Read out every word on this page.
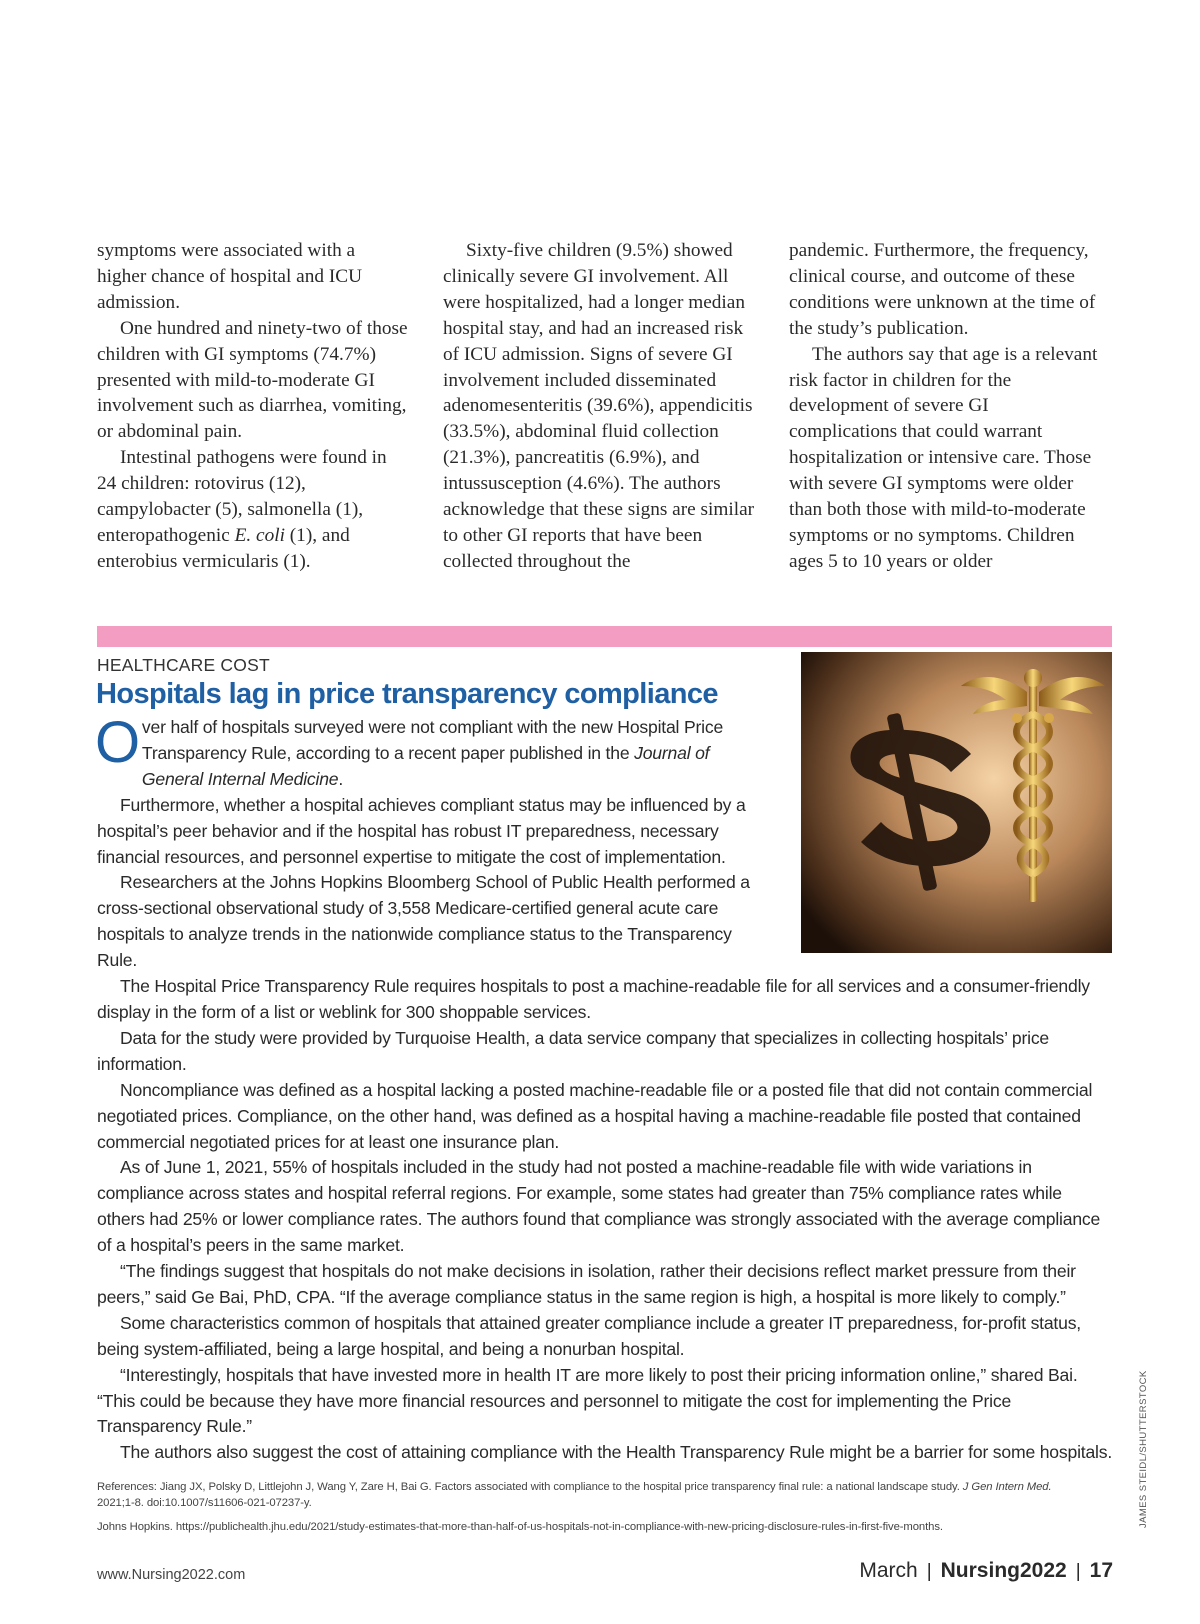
symptoms were associated with a higher chance of hospital and ICU admission.

One hundred and ninety-two of those children with GI symptoms (74.7%) presented with mild-to-moderate GI involvement such as diarrhea, vomiting, or abdominal pain.

Intestinal pathogens were found in 24 children: rotovirus (12), campylobacter (5), salmonella (1), enteropathogenic E. coli (1), and enterobius vermicularis (1).

Sixty-five children (9.5%) showed clinically severe GI involvement. All were hospitalized, had a longer median hospital stay, and had an increased risk of ICU admission. Signs of severe GI involvement included disseminated adenomesenteritis (39.6%), appendicitis (33.5%), abdominal fluid collection (21.3%), pancreatitis (6.9%), and intussusception (4.6%). The authors acknowledge that these signs are similar to other GI reports that have been collected throughout the

pandemic. Furthermore, the frequency, clinical course, and outcome of these conditions were unknown at the time of the study’s publication.

The authors say that age is a relevant risk factor in children for the development of severe GI complications that could warrant hospitalization or intensive care. Those with severe GI symptoms were older than both those with mild-to-moderate symptoms or no symptoms. Children ages 5 to 10 years or older

HEALTHCARE COST
Hospitals lag in price transparency compliance

Over half of hospitals surveyed were not compliant with the new Hospital Price Transparency Rule, according to a recent paper published in the Journal of General Internal Medicine.

Furthermore, whether a hospital achieves compliant status may be influenced by a hospital’s peer behavior and if the hospital has robust IT preparedness, necessary financial resources, and personnel expertise to mitigate the cost of implementation.

Researchers at the Johns Hopkins Bloomberg School of Public Health performed a cross-sectional observational study of 3,558 Medicare-certified general acute care hospitals to analyze trends in the nationwide compliance status to the Transparency Rule.

The Hospital Price Transparency Rule requires hospitals to post a machine-readable file for all services and a consumer-friendly display in the form of a list or weblink for 300 shoppable services.

Data for the study were provided by Turquoise Health, a data service company that specializes in collecting hospitals’ price information.

Noncompliance was defined as a hospital lacking a posted machine-readable file or a posted file that did not contain commercial negotiated prices. Compliance, on the other hand, was defined as a hospital having a machine-readable file posted that contained commercial negotiated prices for at least one insurance plan.

As of June 1, 2021, 55% of hospitals included in the study had not posted a machine-readable file with wide variations in compliance across states and hospital referral regions. For example, some states had greater than 75% compliance rates while others had 25% or lower compliance rates. The authors found that compliance was strongly associated with the average compliance of a hospital’s peers in the same market.

“The findings suggest that hospitals do not make decisions in isolation, rather their decisions reflect market pressure from their peers,” said Ge Bai, PhD, CPA. “If the average compliance status in the same region is high, a hospital is more likely to comply.”

Some characteristics common of hospitals that attained greater compliance include a greater IT preparedness, for-profit status, being system-affiliated, being a large hospital, and being a nonurban hospital.

“Interestingly, hospitals that have invested more in health IT are more likely to post their pricing information online,” shared Bai. “This could be because they have more financial resources and personnel to mitigate the cost for implementing the Price Transparency Rule.”

The authors also suggest the cost of attaining compliance with the Health Transparency Rule might be a barrier for some hospitals.

References: Jiang JX, Polsky D, Littlejohn J, Wang Y, Zare H, Bai G. Factors associated with compliance to the hospital price transparency final rule: a national landscape study. J Gen Intern Med. 2021;1-8. doi:10.1007/s11606-021-07237-y.

Johns Hopkins. https://publichealth.jhu.edu/2021/study-estimates-that-more-than-half-of-us-hospitals-not-in-compliance-with-new-pricing-disclosure-rules-in-first-five-months.	JAMES STEIDL/SHUTTERSTOCK
www.Nursing2022.com	March | Nursing2022 | 17
